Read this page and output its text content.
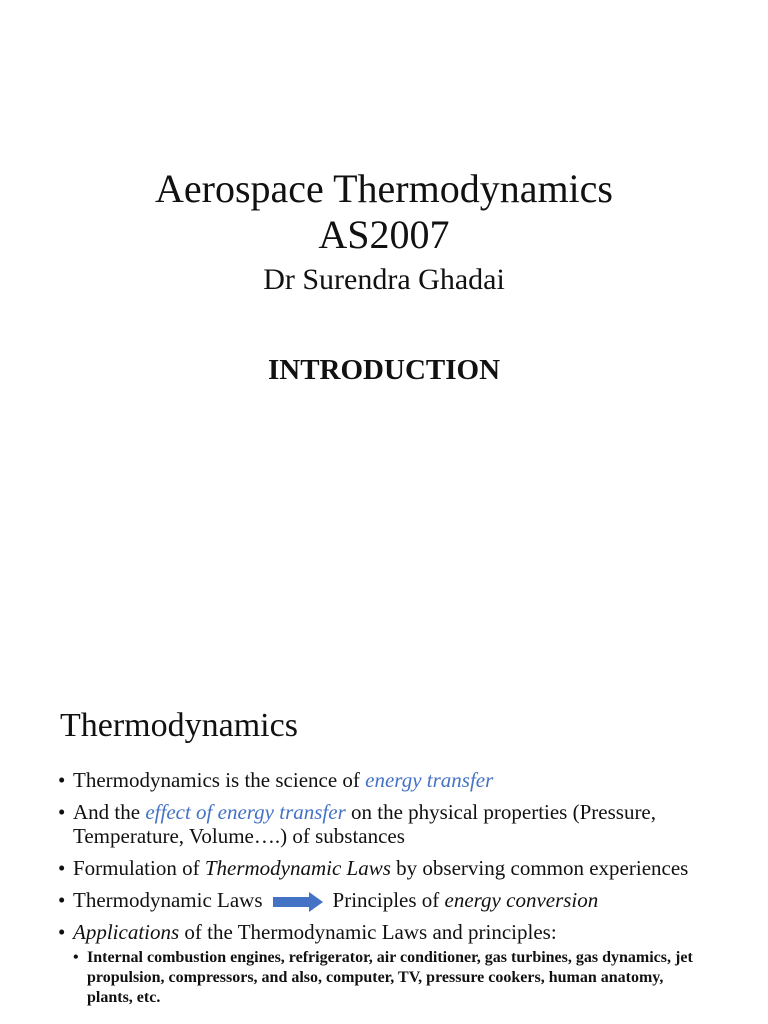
Aerospace Thermodynamics
AS2007
Dr Surendra Ghadai
INTRODUCTION
Thermodynamics
• Thermodynamics is the science of energy transfer
• And the effect of energy transfer on the physical properties (Pressure, Temperature, Volume….) of substances
• Formulation of Thermodynamic Laws by observing common experiences
• Thermodynamic Laws	Principles of energy conversion
• Applications of the Thermodynamic Laws and principles:
• Internal combustion engines, refrigerator, air conditioner, gas turbines, gas dynamics, jet propulsion, compressors, and also, computer, TV, pressure cookers, human anatomy, plants, etc.
